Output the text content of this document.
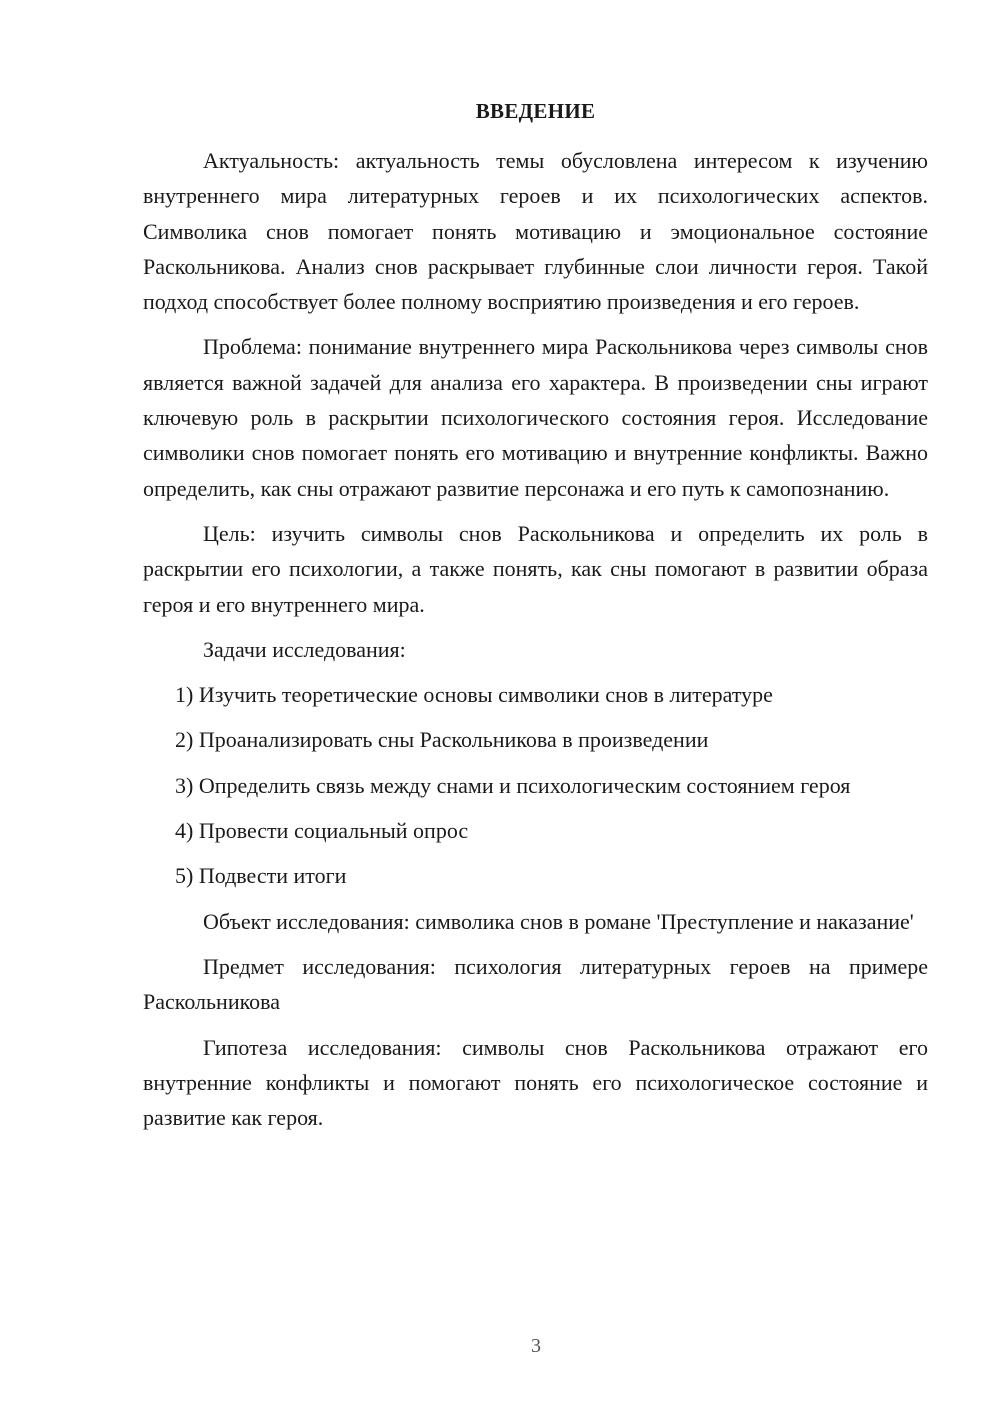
ВВЕДЕНИЕ

Актуальность: актуальность темы обусловлена интересом к изучению внутреннего мира литературных героев и их психологических аспектов. Символика снов помогает понять мотивацию и эмоциональное состояние Раскольникова. Анализ снов раскрывает глубинные слои личности героя. Такой подход способствует более полному восприятию произведения и его героев.

Проблема: понимание внутреннего мира Раскольникова через символы снов является важной задачей для анализа его характера. В произведении сны играют ключевую роль в раскрытии психологического состояния героя. Исследование символики снов помогает понять его мотивацию и внутренние конфликты. Важно определить, как сны отражают развитие персонажа и его путь к самопознанию.

Цель: изучить символы снов Раскольникова и определить их роль в раскрытии его психологии, а также понять, как сны помогают в развитии образа героя и его внутреннего мира.

Задачи исследования:

1) Изучить теоретические основы символики снов в литературе

2) Проанализировать сны Раскольникова в произведении

3) Определить связь между снами и психологическим состоянием героя

4) Провести социальный опрос

5) Подвести итоги

Объект исследования: символика снов в романе 'Преступление и наказание'

Предмет исследования: психология литературных героев на примере Раскольникова

Гипотеза исследования: символы снов Раскольникова отражают его внутренние конфликты и помогают понять его психологическое состояние и развитие как героя.

3
